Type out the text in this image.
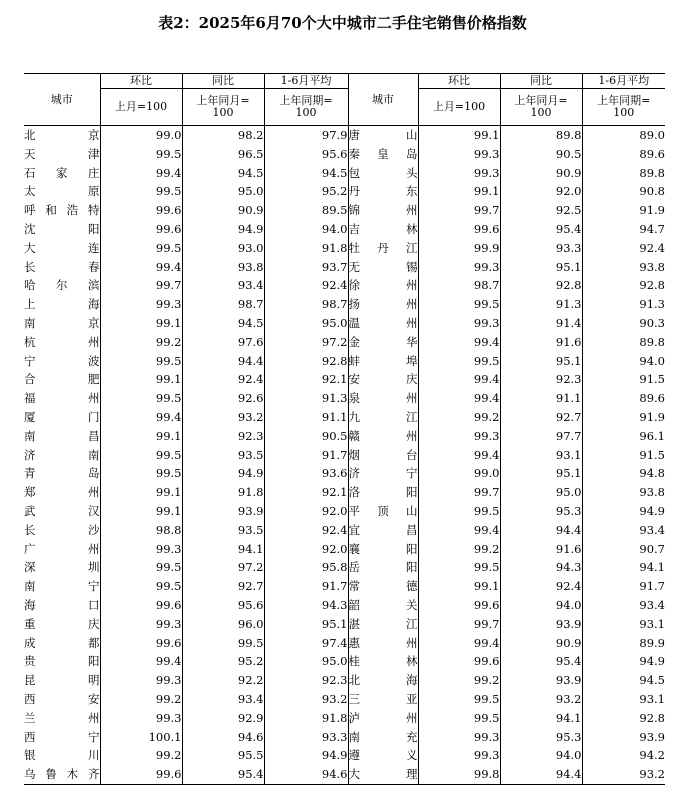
表2：2025年6月70个大中城市二手住宅销售价格指数
城市	环比	同比	1-6月平均	城市	环比	同比	1-6月平均
	上月=100	上年同月=100	上年同期=100		上月=100	上年同月=100	上年同期=100

北京	99.0	98.2	97.9	唐山	99.1	89.8	89.0
天津	99.5	96.5	95.6	秦皇岛	99.3	90.5	89.6
石家庄	99.4	94.5	94.5	包头	99.3	90.9	89.8
太原	99.5	95.0	95.2	丹东	99.1	92.0	90.8
呼和浩特	99.6	90.9	89.5	锦州	99.7	92.5	91.9
沈阳	99.6	94.9	94.0	吉林	99.6	95.4	94.7
大连	99.5	93.0	91.8	牡丹江	99.9	93.3	92.4
长春	99.4	93.8	93.7	无锡	99.3	95.1	93.8
哈尔滨	99.7	93.4	92.4	徐州	98.7	92.8	92.8
上海	99.3	98.7	98.7	扬州	99.5	91.3	91.3
南京	99.1	94.5	95.0	温州	99.3	91.4	90.3
杭州	99.2	97.6	97.2	金华	99.4	91.6	89.8
宁波	99.5	94.4	92.8	蚌埠	99.5	95.1	94.0
合肥	99.1	92.4	92.1	安庆	99.4	92.3	91.5
福州	99.5	92.6	91.3	泉州	99.4	91.1	89.6
厦门	99.4	93.2	91.1	九江	99.2	92.7	91.9
南昌	99.1	92.3	90.5	赣州	99.3	97.7	96.1
济南	99.5	93.5	91.7	烟台	99.4	93.1	91.5
青岛	99.5	94.9	93.6	济宁	99.0	95.1	94.8
郑州	99.1	91.8	92.1	洛阳	99.7	95.0	93.8
武汉	99.1	93.9	92.0	平顶山	99.5	95.3	94.9
长沙	98.8	93.5	92.4	宜昌	99.4	94.4	93.4
广州	99.3	94.1	92.0	襄阳	99.2	91.6	90.7
深圳	99.5	97.2	95.8	岳阳	99.5	94.3	94.1
南宁	99.5	92.7	91.7	常德	99.1	92.4	91.7
海口	99.6	95.6	94.3	韶关	99.6	94.0	93.4
重庆	99.3	96.0	95.1	湛江	99.7	93.9	93.1
成都	99.6	99.5	97.4	惠州	99.4	90.9	89.9
贵阳	99.4	95.2	95.0	桂林	99.6	95.4	94.9
昆明	99.3	92.2	92.3	北海	99.2	93.9	94.5
西安	99.2	93.4	93.2	三亚	99.5	93.2	93.1
兰州	99.3	92.9	91.8	泸州	99.5	94.1	92.8
西宁	100.1	94.6	93.3	南充	99.3	95.3	93.9
银川	99.2	95.5	94.9	遵义	99.3	94.0	94.2
乌鲁木齐	99.6	95.4	94.6	大理	99.8	94.4	93.2
